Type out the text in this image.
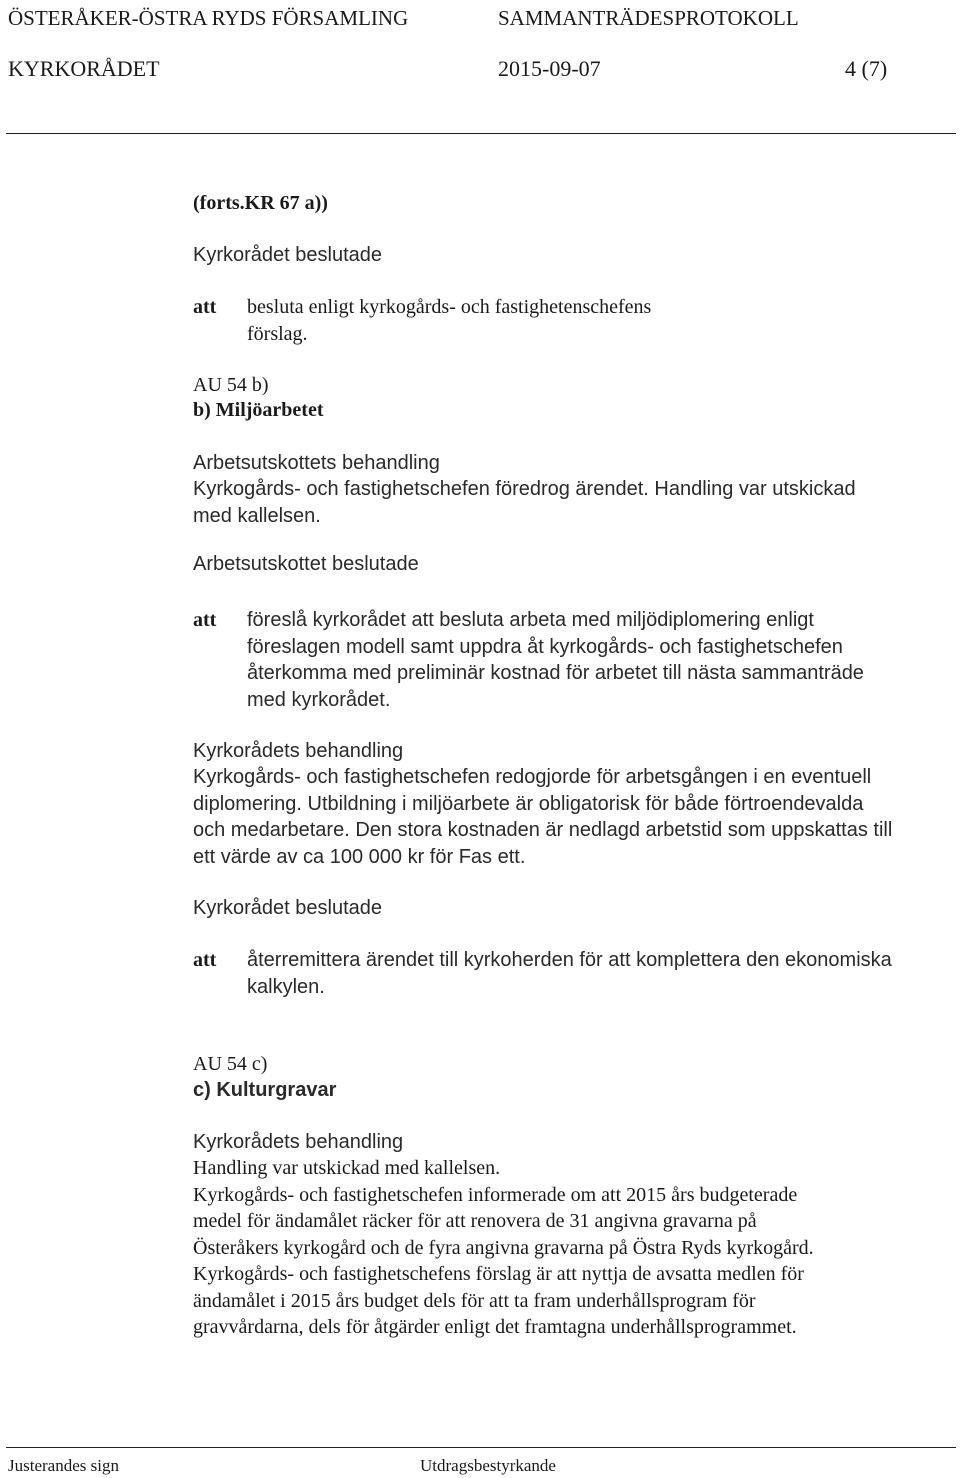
ÖSTERÅKER-ÖSTRA RYDS FÖRSAMLING	SAMMANTRÄDESPROTOKOLL
KYRKORÅDET	2015-09-07	4 (7)
(forts.KR 67 a))
Kyrkorådet beslutade
att besluta enligt kyrkogårds- och fastighetenschefens
förslag.
AU 54 b)
b) Miljöarbetet
Arbetsutskottets behandling
Kyrkogårds- och fastighetschefen föredrog ärendet. Handling var utskickad
med kallelsen.
Arbetsutskottet beslutade
att föreslå kyrkorådet att besluta arbeta med miljödiplomering enligt
föreslagen modell samt uppdra åt kyrkogårds- och fastighetschefen
återkomma med preliminär kostnad för arbetet till nästa sammanträde
med kyrkorådet.
Kyrkorådets behandling
Kyrkogårds- och fastighetschefen redogjorde för arbetsgången i en eventuell
diplomering. Utbildning i miljöarbete är obligatorisk för både förtroendevalda
och medarbetare. Den stora kostnaden är nedlagd arbetstid som uppskattas till
ett värde av ca 100 000 kr för Fas ett.
Kyrkorådet beslutade
att återremittera ärendet till kyrkoherden för att komplettera den ekonomiska
kalkylen.
AU 54 c)
c) Kulturgravar
Kyrkorådets behandling
Handling var utskickad med kallelsen.
Kyrkogårds- och fastighetschefen informerade om att 2015 års budgeterade
medel för ändamålet räcker för att renovera de 31 angivna gravarna på
Österåkers kyrkogård och de fyra angivna gravarna på Östra Ryds kyrkogård.
Kyrkogårds- och fastighetschefens förslag är att nyttja de avsatta medlen för
ändamålet i 2015 års budget dels för att ta fram underhållsprogram för
gravvårdarna, dels för åtgärder enligt det framtagna underhållsprogrammet.
Justerandes sign	Utdragsbestyrkande
